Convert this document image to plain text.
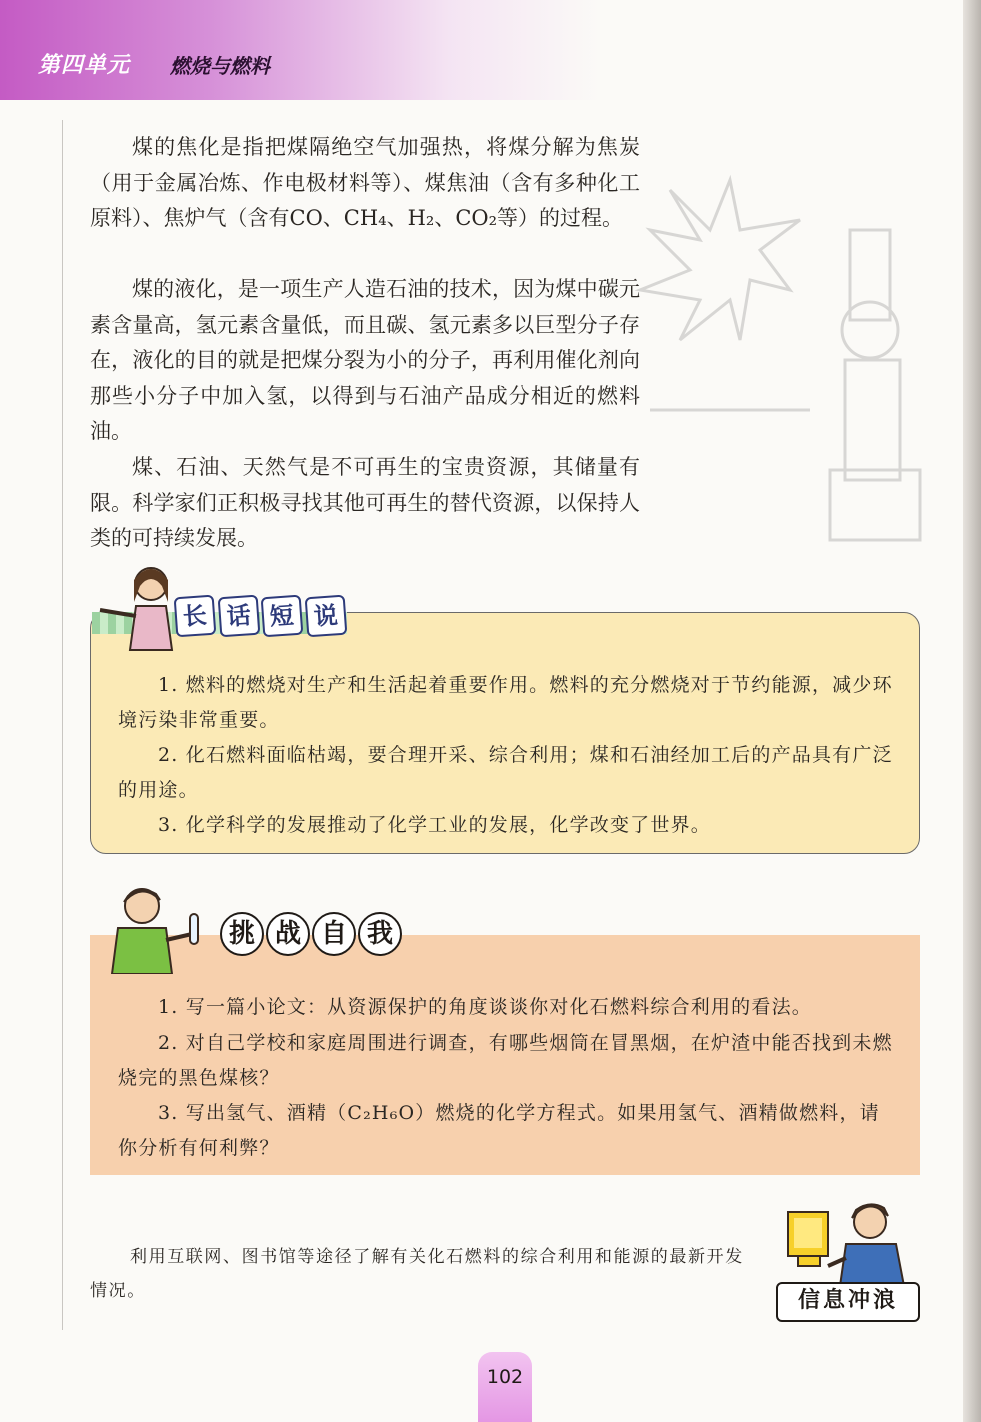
第四单元 燃烧与燃料

煤的焦化是指把煤隔绝空气加强热，将煤分解为焦炭（用于金属冶炼、作电极材料等）、煤焦油（含有多种化工原料）、焦炉气（含有CO、CH₄、H₂、CO₂等）的过程。

煤的液化，是一项生产人造石油的技术，因为煤中碳元素含量高，氢元素含量低，而且碳、氢元素多以巨型分子存在，液化的目的就是把煤分裂为小的分子，再利用催化剂向那些小分子中加入氢，以得到与石油产品成分相近的燃料油。

煤、石油、天然气是不可再生的宝贵资源，其储量有限。科学家们正积极寻找其他可再生的替代资源，以保持人类的可持续发展。

长 话 短 说

1. 燃料的燃烧对生产和生活起着重要作用。燃料的充分燃烧对于节约能源，减少环境污染非常重要。

2. 化石燃料面临枯竭，要合理开采、综合利用；煤和石油经加工后的产品具有广泛的用途。

3. 化学科学的发展推动了化学工业的发展，化学改变了世界。

挑 战 自 我

1. 写一篇小论文：从资源保护的角度谈谈你对化石燃料综合利用的看法。

2. 对自己学校和家庭周围进行调查，有哪些烟筒在冒黑烟，在炉渣中能否找到未燃烧完的黑色煤核？

3. 写出氢气、酒精（C₂H₆O）燃烧的化学方程式。如果用氢气、酒精做燃料，请你分析有何利弊？

利用互联网、图书馆等途径了解有关化石燃料的综合利用和能源的最新开发情况。	信息冲浪
102
